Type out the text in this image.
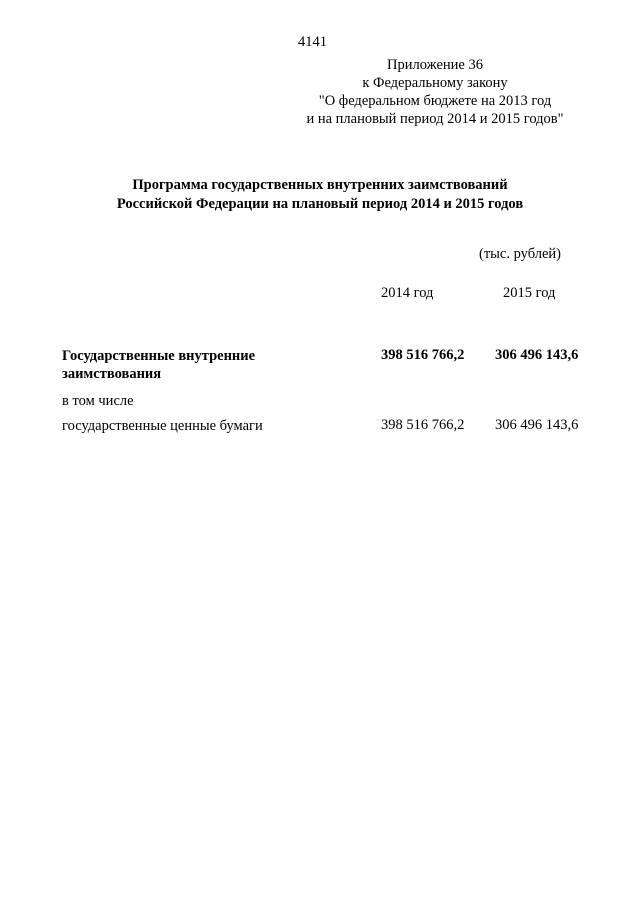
4141
Приложение 36
к Федеральному закону
"О федеральном бюджете на 2013 год
и на плановый период 2014 и 2015 годов"
Программа государственных внутренних заимствований
Российской Федерации на плановый период 2014 и 2015 годов
(тыс. рублей)
2014 год	2015 год
Государственные внутренние
заимствования
398 516 766,2 306 496 143,6
в том числе
государственные ценные бумаги	398 516 766,2 306 496 143,6
